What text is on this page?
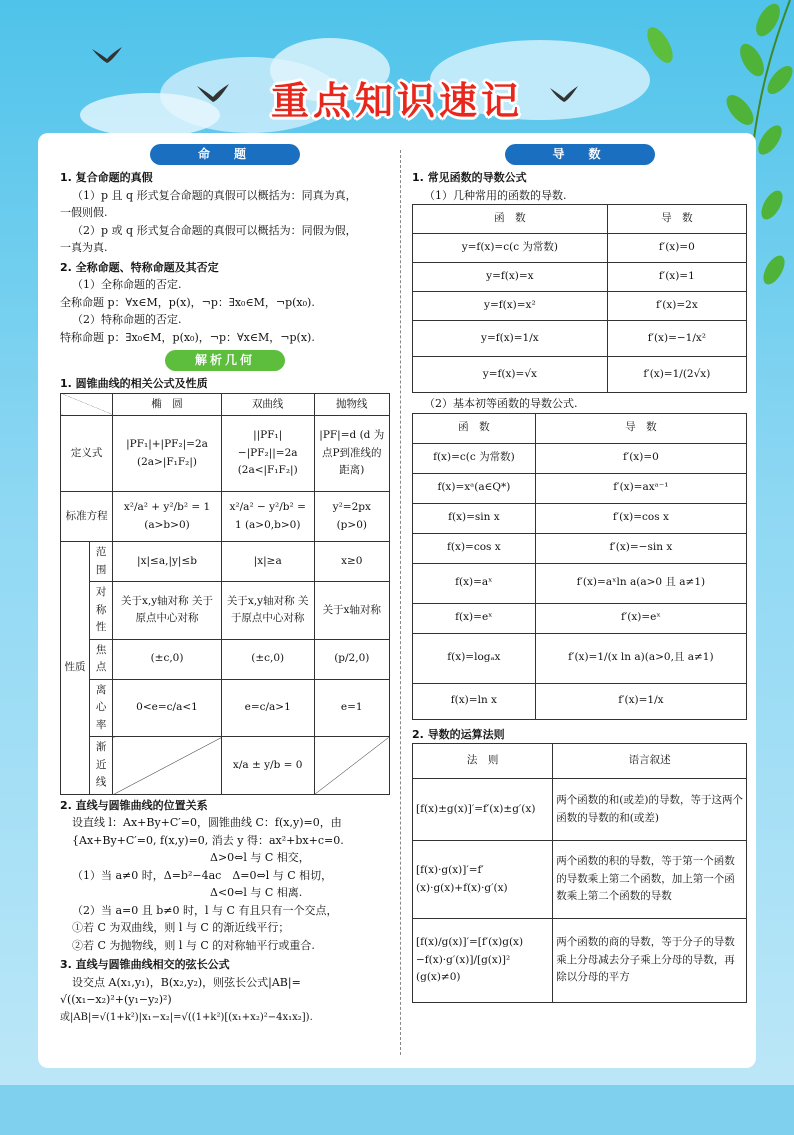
重点知识速记
命　题
1. 复合命题的真假

（1）p 且 q 形式复合命题的真假可以概括为：同真为真，

一假则假.

（2）p 或 q 形式复合命题的真假可以概括为：同假为假，

一真为真.

2. 全称命题、特称命题及其否定

（1）全称命题的否定.

全称命题 p：∀x∈M，p(x)，¬p：∃x₀∈M，¬p(x₀).

（2）特称命题的否定.

特称命题 p：∃x₀∈M，p(x₀)，¬p：∀x∈M，¬p(x).

解析几何
1. 圆锥曲线的相关公式及性质
		椭　圆	双曲线	抛物线
定义式		|PF₁|+|PF₂|=2a (2a>|F₁F₂|)	||PF₁|−|PF₂||=2a (2a<|F₁F₂|)	|PF|=d (d 为点P到准线的距离)
标准方程		x²/a² + y²/b² = 1 (a>b>0)	x²/a² − y²/b² = 1 (a>0,b>0)	y²=2px (p>0)
性质	范围	|x|≤a,|y|≤b	|x|≥a	x≥0
	对称性	关于x,y轴对称 关于原点中心对称	关于x,y轴对称 关于原点中心对称	关于x轴对称
	焦点	(±c,0)	(±c,0)	(p/2,0)
	离心率	0<e=c/a<1	e=c/a>1	e=1
	渐近线		x/a ± y/b = 0	
2. 直线与圆锥曲线的位置关系

设直线 l：Ax+By+C′=0，圆锥曲线 C：f(x,y)=0，由

{Ax+By+C′=0, f(x,y)=0, 消去 y 得：ax²+bx+c=0.

Δ>0⇔l 与 C 相交，

（1）当 a≠0 时，Δ=b²−4ac　 Δ=0⇔l 与 C 相切，

Δ<0⇔l 与 C 相离.

（2）当 a=0 且 b≠0 时，l 与 C 有且只有一个交点，

①若 C 为双曲线，则 l 与 C 的渐近线平行；

②若 C 为抛物线，则 l 与 C 的对称轴平行或重合.

3. 直线与圆锥曲线相交的弦长公式

设交点 A(x₁,y₁)，B(x₂,y₂)，则弦长公式|AB|=

√((x₁−x₂)²+(y₁−y₂)²)

或|AB|=√(1+k²)|x₁−x₂|=√((1+k²)[(x₁+x₂)²−4x₁x₂]).

导　数
1. 常见函数的导数公式

（1）几种常用的函数的导数.

函　数	导　数
y=f(x)=c(c 为常数)	f′(x)=0
y=f(x)=x	f′(x)=1
y=f(x)=x²	f′(x)=2x
y=f(x)=1/x	f′(x)=−1/x²
y=f(x)=√x	f′(x)=1/(2√x)

（2）基本初等函数的导数公式.

函　数	导　数
f(x)=c(c 为常数)	f′(x)=0
f(x)=xᵃ(a∈Q*)	f′(x)=axᵃ⁻¹
f(x)=sin x	f′(x)=cos x
f(x)=cos x	f′(x)=−sin x
f(x)=aˣ	f′(x)=aˣln a(a>0 且 a≠1)
f(x)=eˣ	f′(x)=eˣ
f(x)=logₐx	f′(x)=1/(x ln a)(a>0,且 a≠1)
f(x)=ln x	f′(x)=1/x
2. 导数的运算法则
法　则	语言叙述
[f(x)±g(x)]′=f′(x)±g′(x)	两个函数的和(或差)的导数，等于这两个函数的导数的和(或差)
[f(x)·g(x)]′=f′(x)·g(x)+f(x)·g′(x)	两个函数的积的导数，等于第一个函数的导数乘上第二个函数，加上第一个函数乘上第二个函数的导数
[f(x)/g(x)]′=[f′(x)g(x)−f(x)·g′(x)]/[g(x)]² (g(x)≠0)	两个函数的商的导数，等于分子的导数乘上分母减去分子乘上分母的导数，再除以分母的平方
